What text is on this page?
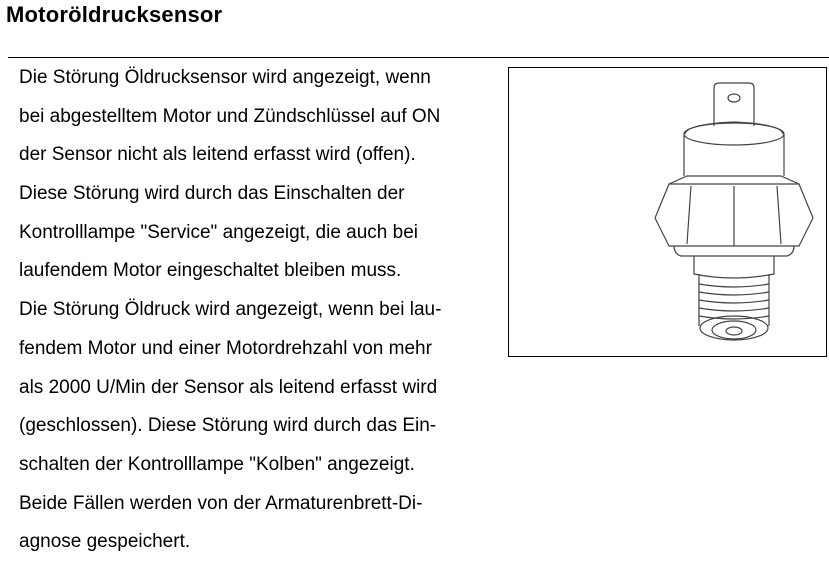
Motoröldrucksensor
Die Störung Öldrucksensor wird angezeigt, wenn
bei abgestelltem Motor und Zündschlüssel auf ON
der Sensor nicht als leitend erfasst wird (offen).
Diese Störung wird durch das Einschalten der
Kontrolllampe "Service" angezeigt, die auch bei
laufendem Motor eingeschaltet bleiben muss.
Die Störung Öldruck wird angezeigt, wenn bei lau-
fendem Motor und einer Motordrehzahl von mehr
als 2000 U/Min der Sensor als leitend erfasst wird
(geschlossen). Diese Störung wird durch das Ein-
schalten der Kontrolllampe "Kolben" angezeigt.
Beide Fällen werden von der Armaturenbrett-Di-
agnose gespeichert.
